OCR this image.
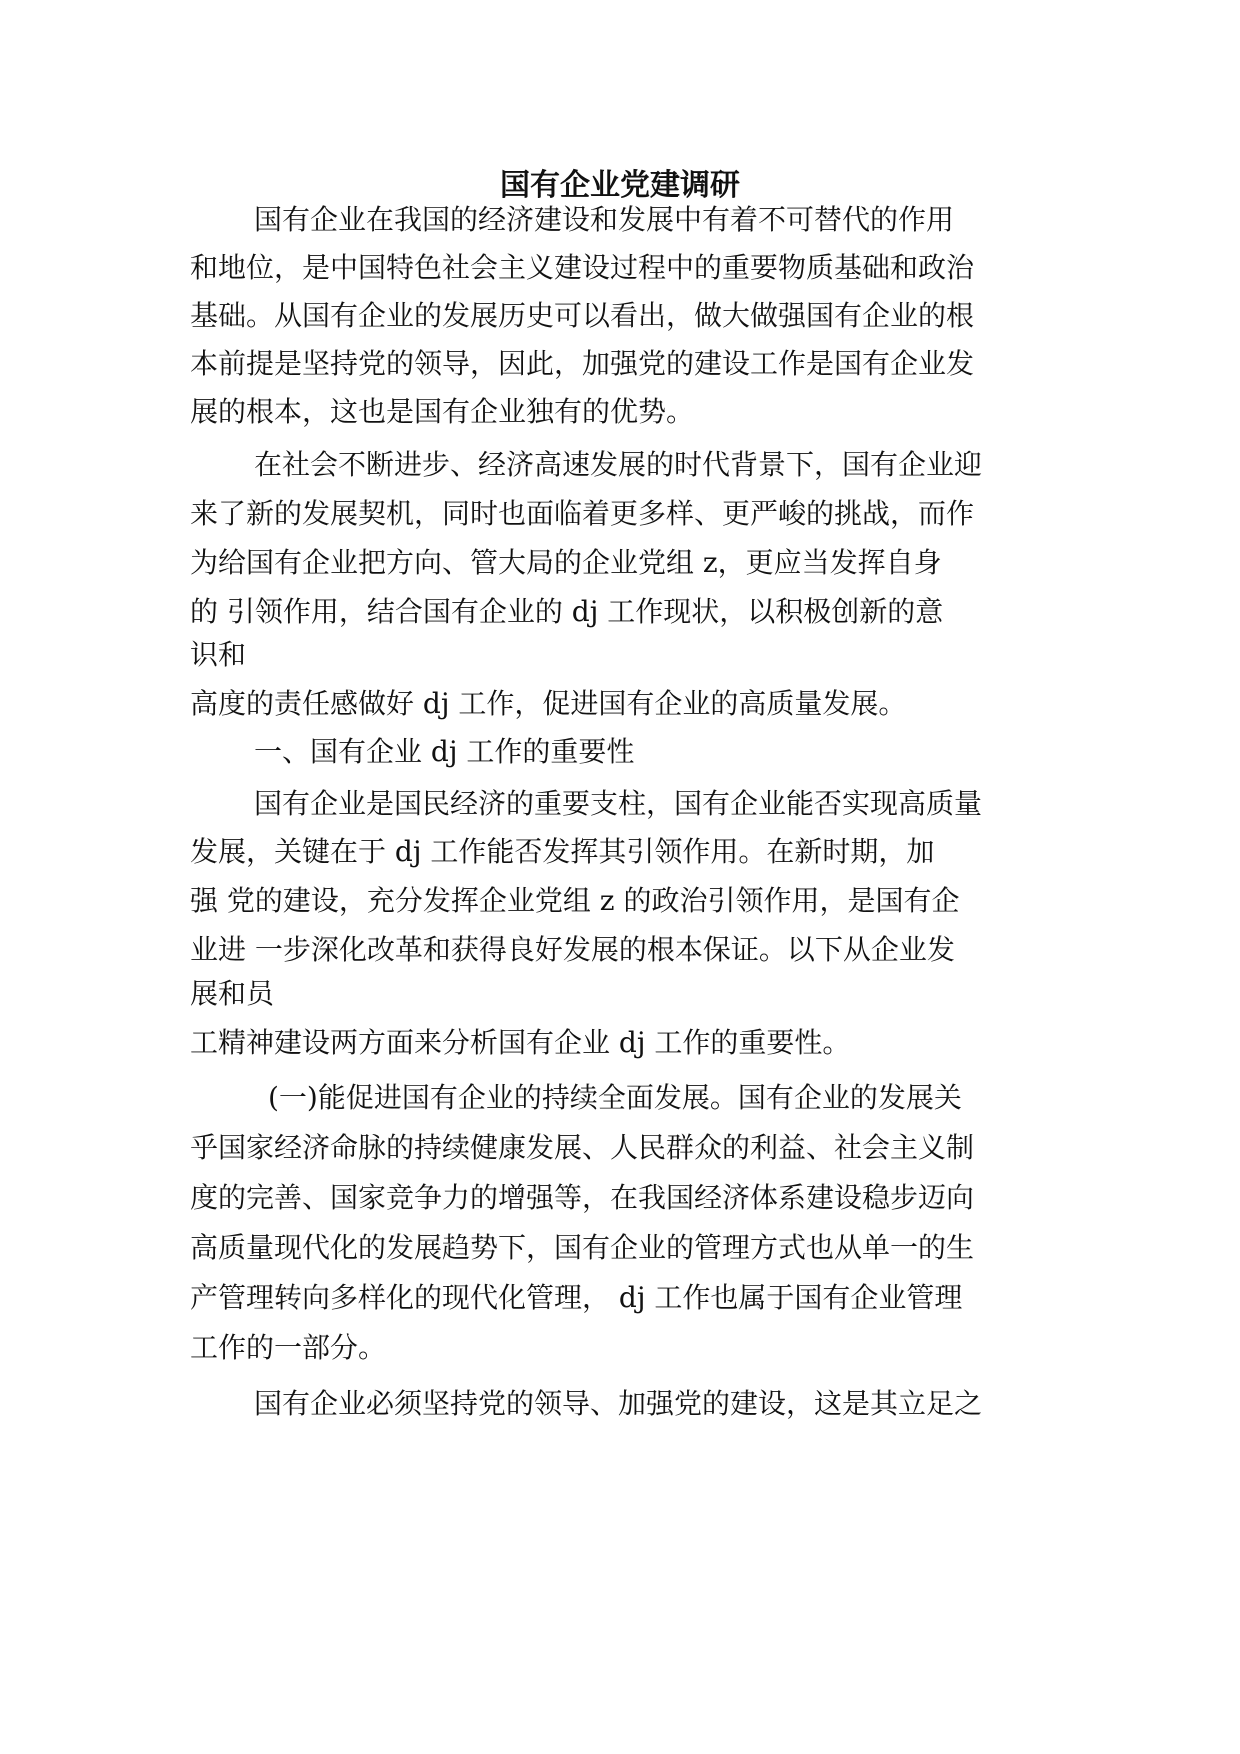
国有企业党建调研
国有企业在我国的经济建设和发展中有着不可替代的作用
和地位，是中国特色社会主义建设过程中的重要物质基础和政治
基础。从国有企业的发展历史可以看出，做大做强国有企业的根
本前提是坚持党的领导，因此，加强党的建设工作是国有企业发
展的根本，这也是国有企业独有的优势。
在社会不断进步、经济高速发展的时代背景下，国有企业迎
来了新的发展契机，同时也面临着更多样、更严峻的挑战，而作
为给国有企业把方向、管大局的企业党组 z，更应当发挥自身
的 引领作用，结合国有企业的 dj 工作现状，以积极创新的意
识和
高度的责任感做好 dj 工作，促进国有企业的高质量发展。
一、国有企业 dj 工作的重要性
国有企业是国民经济的重要支柱，国有企业能否实现高质量
发展，关键在于 dj 工作能否发挥其引领作用。在新时期，加
强 党的建设，充分发挥企业党组 z 的政治引领作用，是国有企
业进 一步深化改革和获得良好发展的根本保证。以下从企业发
展和员
工精神建设两方面来分析国有企业 dj 工作的重要性。
(一)能促进国有企业的持续全面发展。国有企业的发展关
乎国家经济命脉的持续健康发展、人民群众的利益、社会主义制
度的完善、国家竞争力的增强等，在我国经济体系建设稳步迈向
高质量现代化的发展趋势下，国有企业的管理方式也从单一的生
产管理转向多样化的现代化管理， dj 工作也属于国有企业管理
工作的一部分。
国有企业必须坚持党的领导、加强党的建设，这是其立足之
